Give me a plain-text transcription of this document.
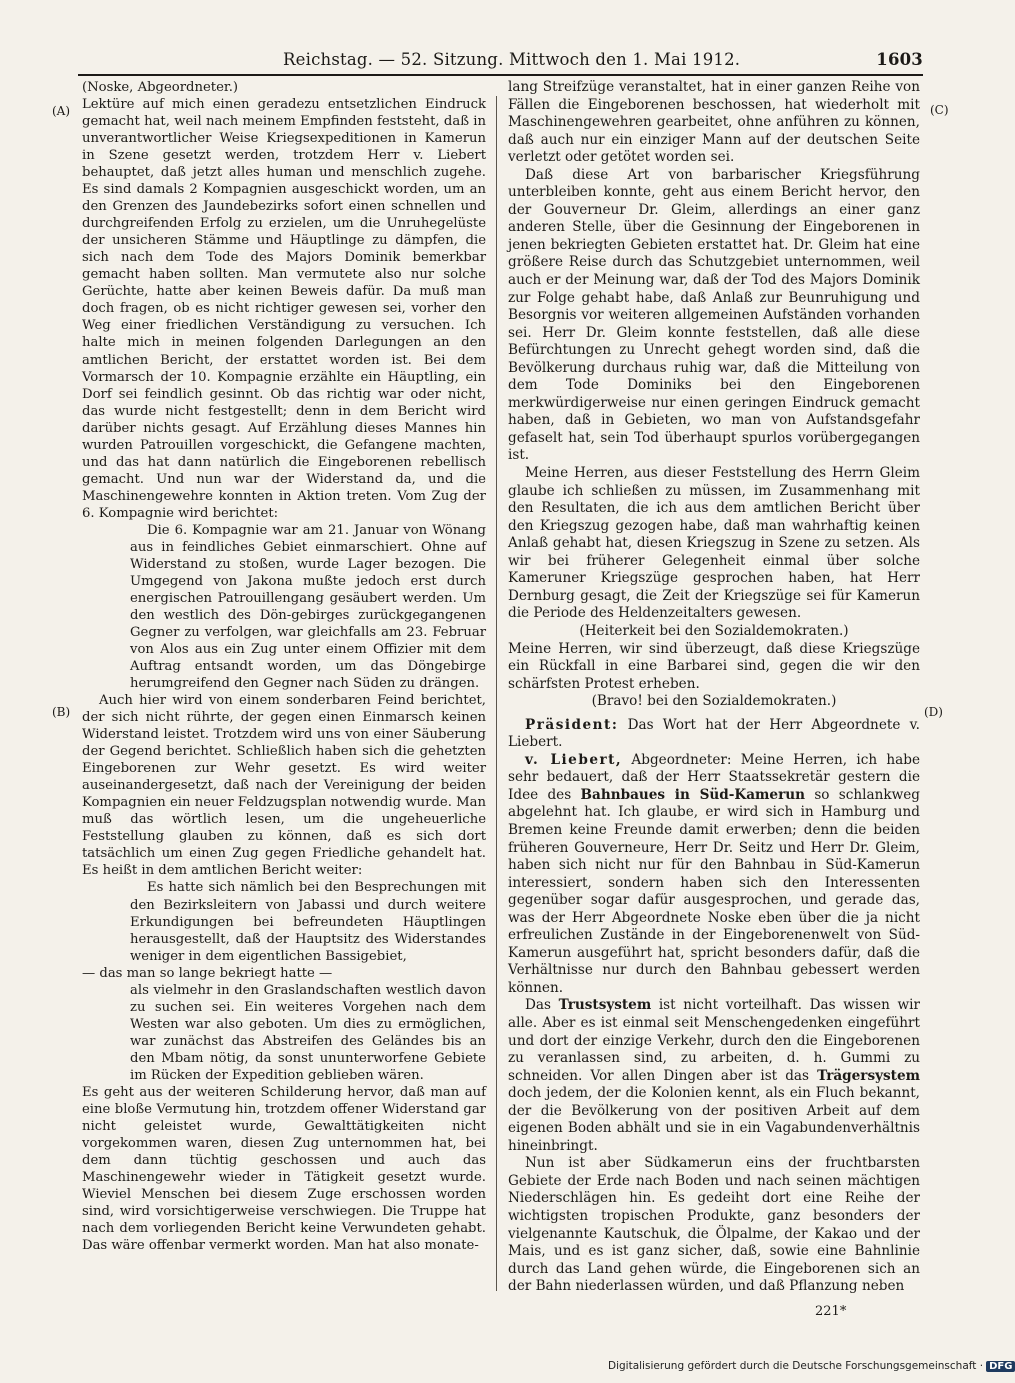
Reichstag. — 52. Sitzung. Mittwoch den 1. Mai 1912.	1603
(A)
(B)
(C)
(D)

(Noske, Abgeordneter.)

Lektüre auf mich einen geradezu entsetzlichen Eindruck gemacht hat, weil nach meinem Empfinden feststeht, daß in unverantwortlicher Weise Kriegsexpeditionen in Kamerun in Szene gesetzt werden, trotzdem Herr v. Liebert behauptet, daß jetzt alles human und menschlich zugehe. Es sind damals 2 Kompagnien ausgeschickt worden, um an den Grenzen des Jaundebezirks sofort einen schnellen und durchgreifenden Erfolg zu erzielen, um die Unruhegelüste der unsicheren Stämme und Häuptlinge zu dämpfen, die sich nach dem Tode des Majors Dominik bemerkbar gemacht haben sollten. Man vermutete also nur solche Gerüchte, hatte aber keinen Beweis dafür. Da muß man doch fragen, ob es nicht richtiger gewesen sei, vorher den Weg einer friedlichen Verständigung zu versuchen. Ich halte mich in meinen folgenden Darlegungen an den amtlichen Bericht, der erstattet worden ist. Bei dem Vormarsch der 10. Kompagnie erzählte ein Häuptling, ein Dorf sei feindlich gesinnt. Ob das richtig war oder nicht, das wurde nicht festgestellt; denn in dem Bericht wird darüber nichts gesagt. Auf Erzählung dieses Mannes hin wurden Patrouillen vorgeschickt, die Gefangene machten, und das hat dann natürlich die Eingeborenen rebellisch gemacht. Und nun war der Widerstand da, und die Maschinengewehre konnten in Aktion treten. Vom Zug der 6. Kompagnie wird berichtet:

Die 6. Kompagnie war am 21. Januar von Wönang aus in feindliches Gebiet einmarschiert. Ohne auf Widerstand zu stoßen, wurde Lager bezogen. Die Umgegend von Jakona mußte jedoch erst durch energischen Patrouillengang gesäubert werden. Um den westlich des Dön-gebirges zurückgegangenen Gegner zu verfolgen, war gleichfalls am 23. Februar von Alos aus ein Zug unter einem Offizier mit dem Auftrag entsandt worden, um das Döngebirge herumgreifend den Gegner nach Süden zu drängen.

Auch hier wird von einem sonderbaren Feind berichtet, der sich nicht rührte, der gegen einen Einmarsch keinen Widerstand leistet. Trotzdem wird uns von einer Säuberung der Gegend berichtet. Schließlich haben sich die gehetzten Eingeborenen zur Wehr gesetzt. Es wird weiter auseinandergesetzt, daß nach der Vereinigung der beiden Kompagnien ein neuer Feldzugsplan notwendig wurde. Man muß das wörtlich lesen, um die ungeheuerliche Feststellung glauben zu können, daß es sich dort tatsächlich um einen Zug gegen Friedliche gehandelt hat. Es heißt in dem amtlichen Bericht weiter:

Es hatte sich nämlich bei den Besprechungen mit den Bezirksleitern von Jabassi und durch weitere Erkundigungen bei befreundeten Häuptlingen herausgestellt, daß der Hauptsitz des Widerstandes weniger in dem eigentlichen Bassigebiet,

— das man so lange bekriegt hatte —

als vielmehr in den Graslandschaften westlich davon zu suchen sei. Ein weiteres Vorgehen nach dem Westen war also geboten. Um dies zu ermöglichen, war zunächst das Abstreifen des Geländes bis an den Mbam nötig, da sonst ununterworfene Gebiete im Rücken der Expedition geblieben wären.

Es geht aus der weiteren Schilderung hervor, daß man auf eine bloße Vermutung hin, trotzdem offener Widerstand gar nicht geleistet wurde, Gewalttätigkeiten nicht vorgekommen waren, diesen Zug unternommen hat, bei dem dann tüchtig geschossen und auch das Maschinengewehr wieder in Tätigkeit gesetzt wurde. Wieviel Menschen bei diesem Zuge erschossen worden sind, wird vorsichtigerweise verschwiegen. Die Truppe hat nach dem vorliegenden Bericht keine Verwundeten gehabt. Das wäre offenbar vermerkt worden. Man hat also monate-

lang Streifzüge veranstaltet, hat in einer ganzen Reihe von Fällen die Eingeborenen beschossen, hat wiederholt mit Maschinengewehren gearbeitet, ohne anführen zu können, daß auch nur ein einziger Mann auf der deutschen Seite verletzt oder getötet worden sei.

Daß diese Art von barbarischer Kriegsführung unterbleiben konnte, geht aus einem Bericht hervor, den der Gouverneur Dr. Gleim, allerdings an einer ganz anderen Stelle, über die Gesinnung der Eingeborenen in jenen bekriegten Gebieten erstattet hat. Dr. Gleim hat eine größere Reise durch das Schutzgebiet unternommen, weil auch er der Meinung war, daß der Tod des Majors Dominik zur Folge gehabt habe, daß Anlaß zur Beunruhigung und Besorgnis vor weiteren allgemeinen Aufständen vorhanden sei. Herr Dr. Gleim konnte feststellen, daß alle diese Befürchtungen zu Unrecht gehegt worden sind, daß die Bevölkerung durchaus ruhig war, daß die Mitteilung von dem Tode Dominiks bei den Eingeborenen merkwürdigerweise nur einen geringen Eindruck gemacht haben, daß in Gebieten, wo man von Aufstandsgefahr gefaselt hat, sein Tod überhaupt spurlos vorübergegangen ist.

Meine Herren, aus dieser Feststellung des Herrn Gleim glaube ich schließen zu müssen, im Zusammenhang mit den Resultaten, die ich aus dem amtlichen Bericht über den Kriegszug gezogen habe, daß man wahrhaftig keinen Anlaß gehabt hat, diesen Kriegszug in Szene zu setzen. Als wir bei früherer Gelegenheit einmal über solche Kameruner Kriegszüge gesprochen haben, hat Herr Dernburg gesagt, die Zeit der Kriegszüge sei für Kamerun die Periode des Heldenzeitalters gewesen.

(Heiterkeit bei den Sozialdemokraten.)

Meine Herren, wir sind überzeugt, daß diese Kriegszüge ein Rückfall in eine Barbarei sind, gegen die wir den schärfsten Protest erheben.

(Bravo! bei den Sozialdemokraten.)

Präsident: Das Wort hat der Herr Abgeordnete v. Liebert.

v. Liebert, Abgeordneter: Meine Herren, ich habe sehr bedauert, daß der Herr Staatssekretär gestern die Idee des Bahnbaues in Süd-Kamerun so schlankweg abgelehnt hat. Ich glaube, er wird sich in Hamburg und Bremen keine Freunde damit erwerben; denn die beiden früheren Gouverneure, Herr Dr. Seitz und Herr Dr. Gleim, haben sich nicht nur für den Bahnbau in Süd-Kamerun interessiert, sondern haben sich den Interessenten gegenüber sogar dafür ausgesprochen, und gerade das, was der Herr Abgeordnete Noske eben über die ja nicht erfreulichen Zustände in der Eingeborenenwelt von Süd-Kamerun ausgeführt hat, spricht besonders dafür, daß die Verhältnisse nur durch den Bahnbau gebessert werden können.

Das Trustsystem ist nicht vorteilhaft. Das wissen wir alle. Aber es ist einmal seit Menschengedenken eingeführt und dort der einzige Verkehr, durch den die Eingeborenen zu veranlassen sind, zu arbeiten, d. h. Gummi zu schneiden. Vor allen Dingen aber ist das Trägersystem doch jedem, der die Kolonien kennt, als ein Fluch bekannt, der die Bevölkerung von der positiven Arbeit auf dem eigenen Boden abhält und sie in ein Vagabundenverhältnis hineinbringt.

Nun ist aber Südkamerun eins der fruchtbarsten Gebiete der Erde nach Boden und nach seinen mächtigen Niederschlägen hin. Es gedeiht dort eine Reihe der wichtigsten tropischen Produkte, ganz besonders der vielgenannte Kautschuk, die Ölpalme, der Kakao und der Mais, und es ist ganz sicher, daß, sowie eine Bahnlinie durch das Land gehen würde, die Eingeborenen sich an der Bahn niederlassen würden, und daß Pflanzung neben

221*
Digitalisierung gefördert durch die Deutsche Forschungsgemeinschaft · DFG
